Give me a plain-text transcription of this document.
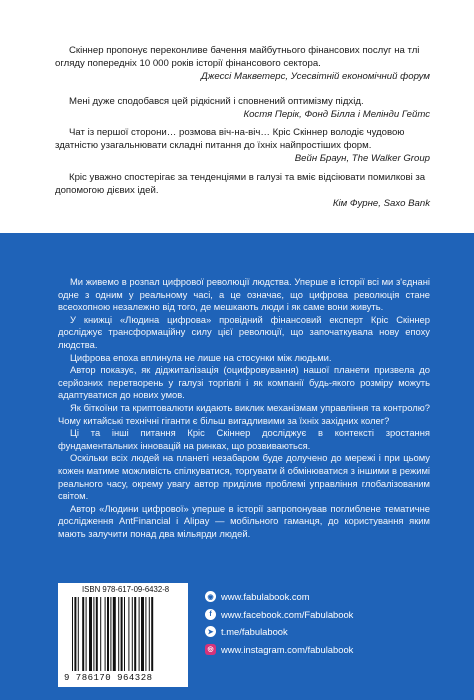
Скіннер пропонує переконливе бачення майбутнього фінансових послуг на тлі огляду попередніх 10 000 років історії фінансового сектора.

Джессі Макветерс, Усесвітній економічний форум

Мені дуже сподобався цей рідкісний і сповнений оптимізму підхід.

Костя Перік, Фонд Білла і Мелінди Гейтс

Чат із першої сторони… розмова віч-на-віч… Кріс Скіннер володіє чудовою здатністю узагальнювати складні питання до їхніх найпростіших форм.

Вейн Браун, The Walker Group

Кріс уважно спостерігає за тенденціями в галузі та вміє відсіювати помилкові за допомогою дієвих ідей.

Кім Фурне, Saxo Bank

Ми живемо в розпал цифрової революції людства. Уперше в історії всі ми з'єднані одне з одним у реальному часі, а це означає, що цифрова революція стане всеохопною незалежно від того, де мешкають люди і як саме вони живуть.

У книжці «Людина цифрова» провідний фінансовий експерт Кріс Скіннер досліджує трансформаційну силу цієї революції, що започаткувала нову епоху людства.

Цифрова епоха вплинула не лише на стосунки між людьми.

Автор показує, як діджиталізація (оцифровування) нашої планети призвела до серйозних перетворень у галузі торгівлі і як компанії будь-якого розміру можуть адаптуватися до нових умов.

Як біткоїни та криптовалюти кидають виклик механізмам управління та контролю? Чому китайські технічні гіганти є більш вигадливими за їхніх західних колег?

Ці та інші питання Кріс Скіннер досліджує в контексті зростання фундаментальних інновацій на ринках, що розвиваються.

Оскільки всіх людей на планеті незабаром буде долучено до мережі і при цьому кожен матиме можливість спілкуватися, торгувати й обмінюватися з іншими в режимі реального часу, окрему увагу автор приділив проблемі управління глобалізованим світом.

Автор «Людини цифрової» уперше в історії запропонував поглиблене тематичне дослідження AntFinancial і Alipay — мобільного гаманця, до користування яким мають залучити понад два мільярди людей.

ISBN 978-617-09-6432-8
9 786170 964328
◉ www.fabulabook.com
f www.facebook.com/Fabulabook
➤ t.me/fabulabook
◎ www.instagram.com/fabulabook
